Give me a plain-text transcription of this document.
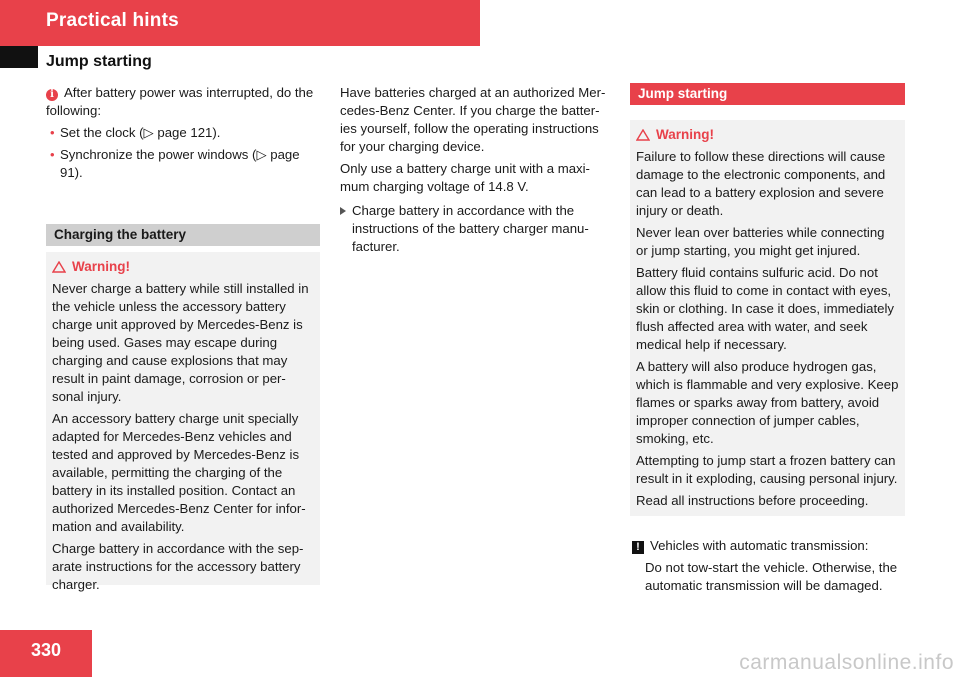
Practical hints
Jump starting

i After battery power was interrupted, do the following:

• Set the clock (▷ page 121).
• Synchronize the power windows (▷ page 91).
Charging the battery
Warning!

Never charge a battery while still installed in the vehicle unless the accessory battery charge unit approved by Mercedes-Benz is being used. Gases may escape during charging and cause explosions that may result in paint damage, corrosion or per-sonal injury.

An accessory battery charge unit specially adapted for Mercedes-Benz vehicles and tested and approved by Mercedes-Benz is available, permitting the charging of the battery in its installed position. Contact an authorized Mercedes-Benz Center for infor-mation and availability.

Charge battery in accordance with the sep-arate instructions for the accessory battery charger.

Have batteries charged at an authorized Mer-cedes-Benz Center. If you charge the batter-ies yourself, follow the operating instructions for your charging device.

Only use a battery charge unit with a maxi-mum charging voltage of 14.8 V.

Charge battery in accordance with the instructions of the battery charger manu-facturer.
Jump starting
Warning!

Failure to follow these directions will cause damage to the electronic components, and can lead to a battery explosion and severe injury or death.

Never lean over batteries while connecting or jump starting, you might get injured.

Battery fluid contains sulfuric acid. Do not allow this fluid to come in contact with eyes, skin or clothing. In case it does, immediately flush affected area with water, and seek medical help if necessary.

A battery will also produce hydrogen gas, which is flammable and very explosive. Keep flames or sparks away from battery, avoid improper connection of jumper cables, smoking, etc.

Attempting to jump start a frozen battery can result in it exploding, causing personal injury.

Read all instructions before proceeding.

! Vehicles with automatic transmission:

Do not tow-start the vehicle. Otherwise, the automatic transmission will be damaged.

330
carmanualsonline.info
